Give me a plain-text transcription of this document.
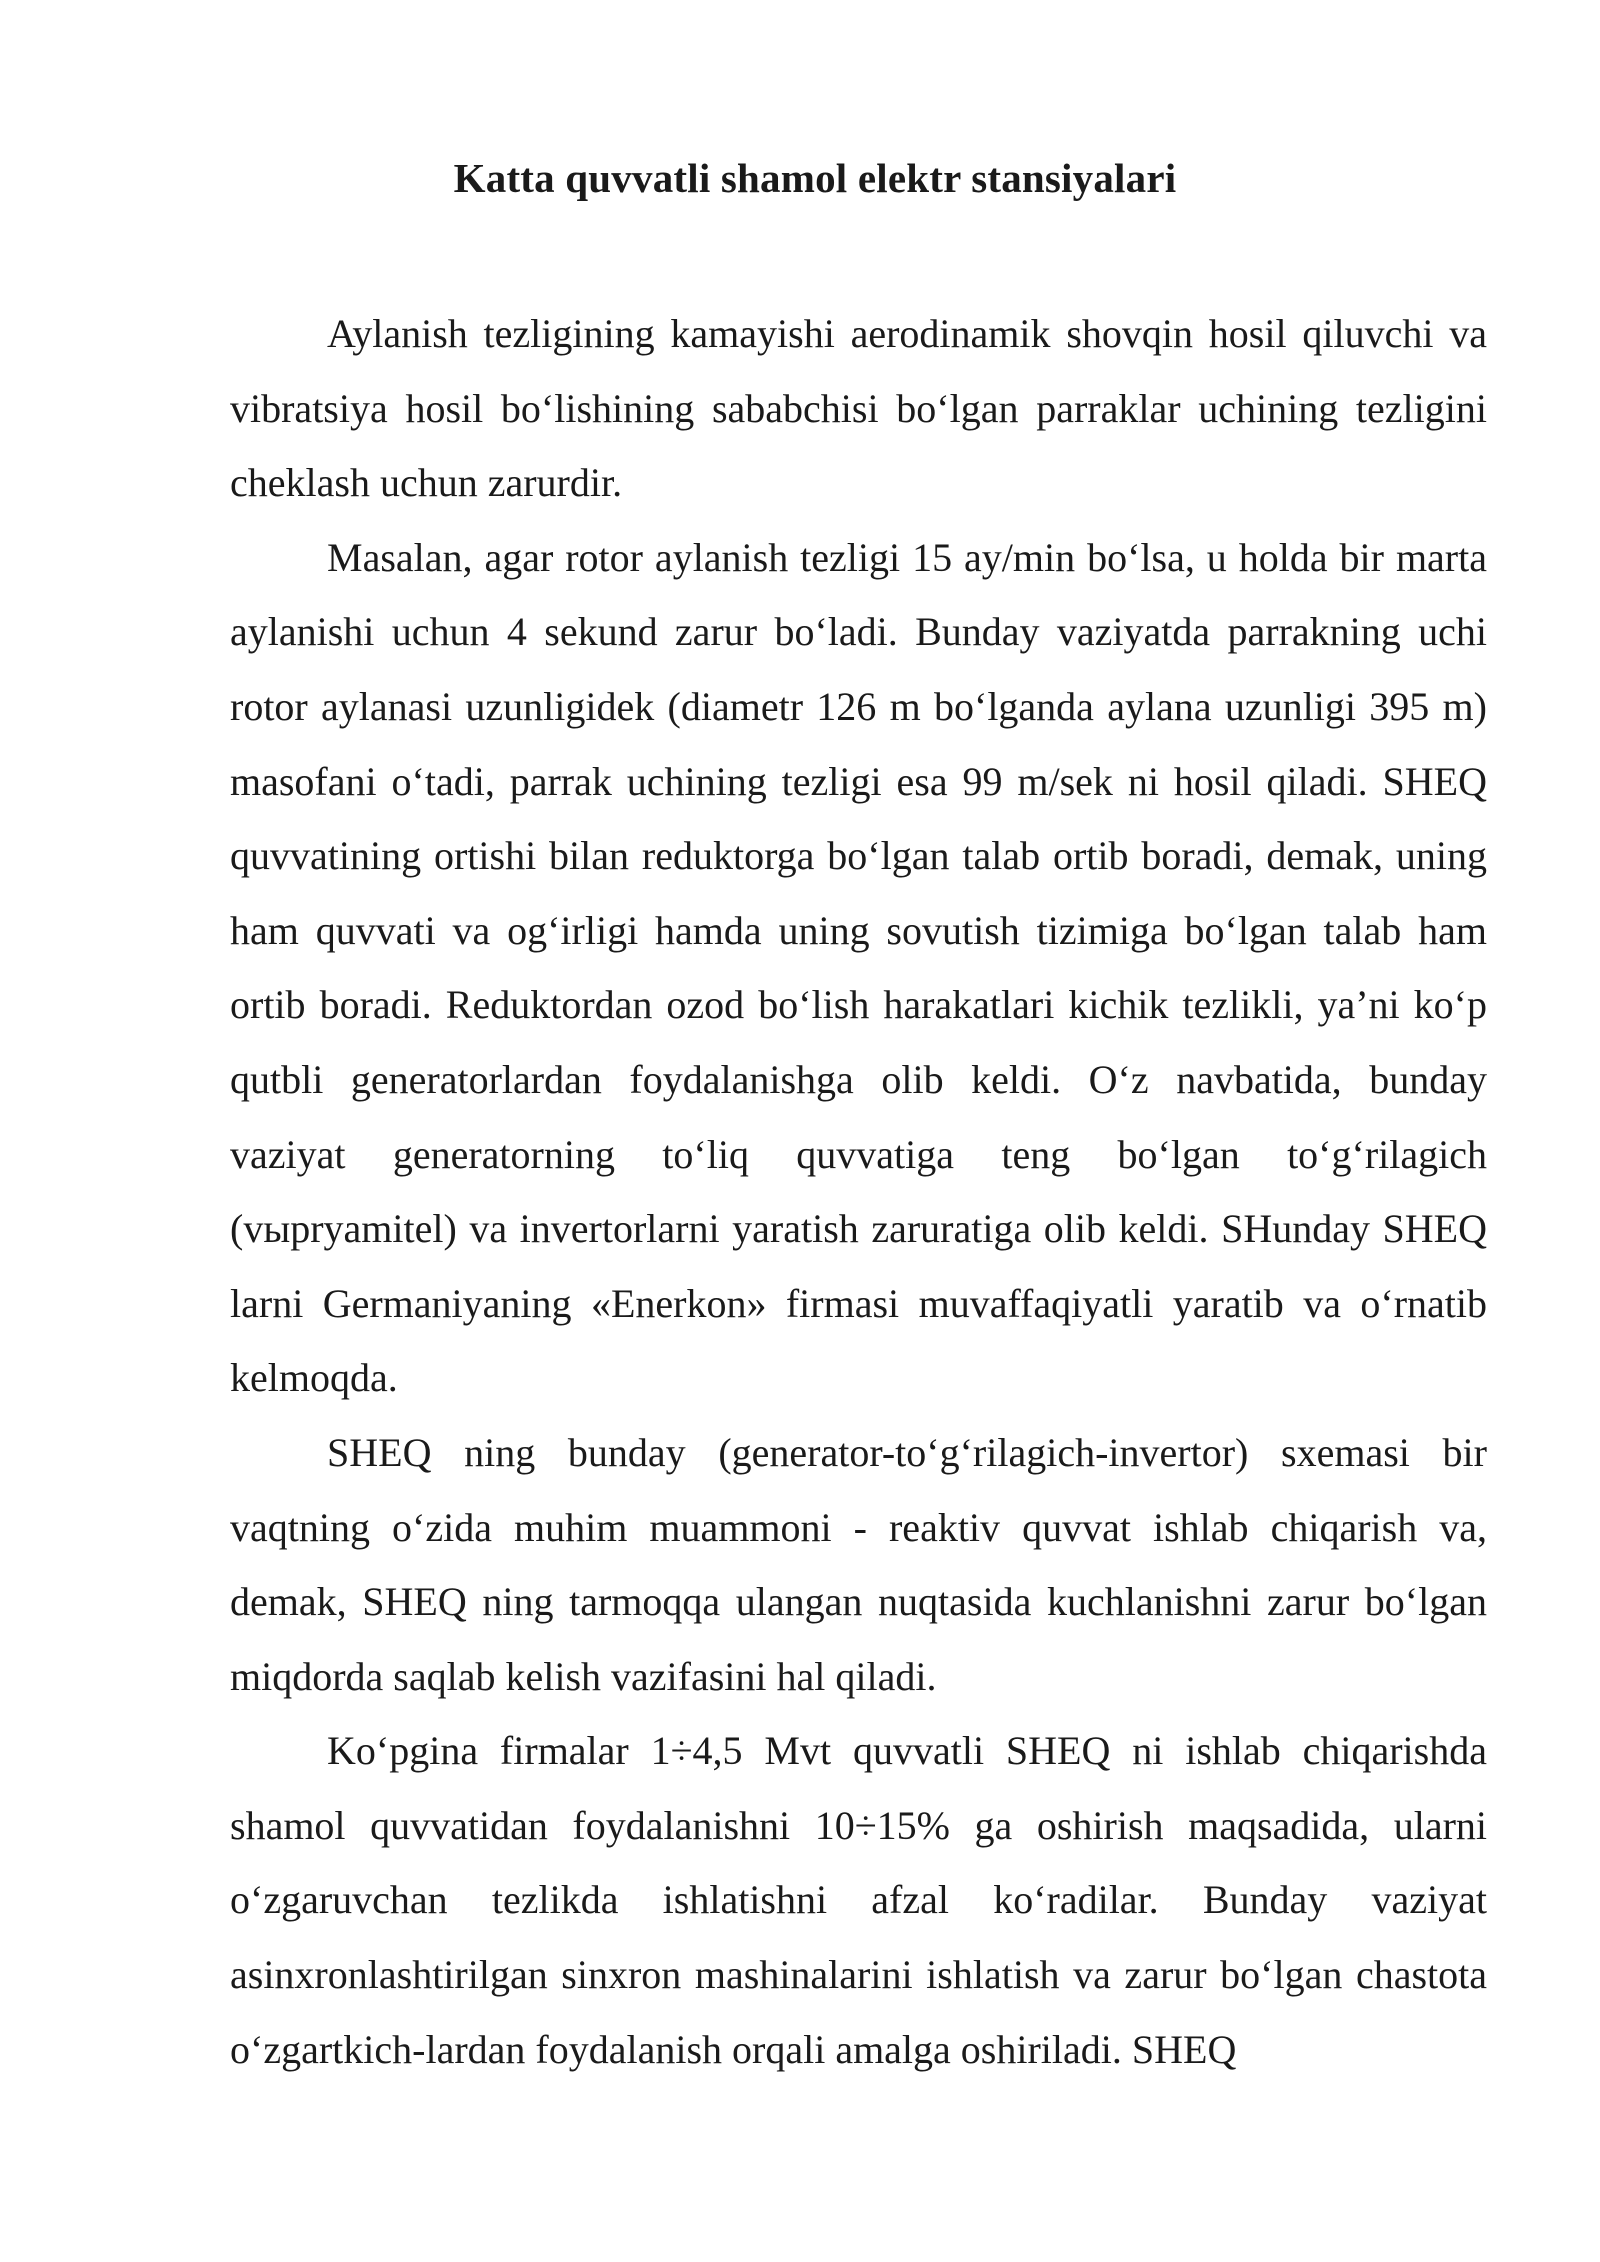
Katta quvvatli shamol elektr stansiyalari

Aylanish tezligining kamayishi aerodinamik shovqin hosil qiluvchi va vibratsiya hosil bo‘lishining sababchisi bo‘lgan parraklar uchining tezligini cheklash uchun zarurdir.

Masalan, agar rotor aylanish tezligi 15 ay/min bo‘lsa, u holda bir marta aylanishi uchun 4 sekund zarur bo‘ladi. Bunday vaziyatda parrakning uchi rotor aylanasi uzunligidek (diametr 126 m bo‘lganda aylana uzunligi 395 m) masofani o‘tadi, parrak uchining tezligi esa 99 m/sek ni hosil qiladi. SHEQ quvvatining ortishi bilan reduktorga bo‘lgan talab ortib boradi, demak, uning ham quvvati va og‘irligi hamda uning sovutish tizimiga bo‘lgan talab ham ortib boradi. Reduktordan ozod bo‘lish harakatlari kichik tezlikli, ya’ni ko‘p qutbli generatorlardan foydalanishga olib keldi. O‘z navbatida, bunday vaziyat generatorning to‘liq quvvatiga teng bo‘lgan to‘g‘rilagich (vыpryamitel) va invertorlarni yaratish zaruratiga olib keldi. SHunday SHEQ larni Germaniyaning «Enerkon» firmasi muvaffaqiyatli yaratib va o‘rnatib kelmoqda.

SHEQ ning bunday (generator-to‘g‘rilagich-invertor) sxemasi bir vaqtning o‘zida muhim muammoni - reaktiv quvvat ishlab chiqarish va, demak, SHEQ ning tarmoqqa ulangan nuqtasida kuchlanishni zarur bo‘lgan miqdorda saqlab kelish vazifasini hal qiladi.

Ko‘pgina firmalar 1÷4,5 Mvt quvvatli SHEQ ni ishlab chiqarishda shamol quvvatidan foydalanishni 10÷15% ga oshirish maqsadida, ularni o‘zgaruvchan tezlikda ishlatishni afzal ko‘radilar. Bunday vaziyat asinxronlashtirilgan sinxron mashinalarini ishlatish va zarur bo‘lgan chastota o‘zgartkich-lardan foydalanish orqali amalga oshiriladi. SHEQ
